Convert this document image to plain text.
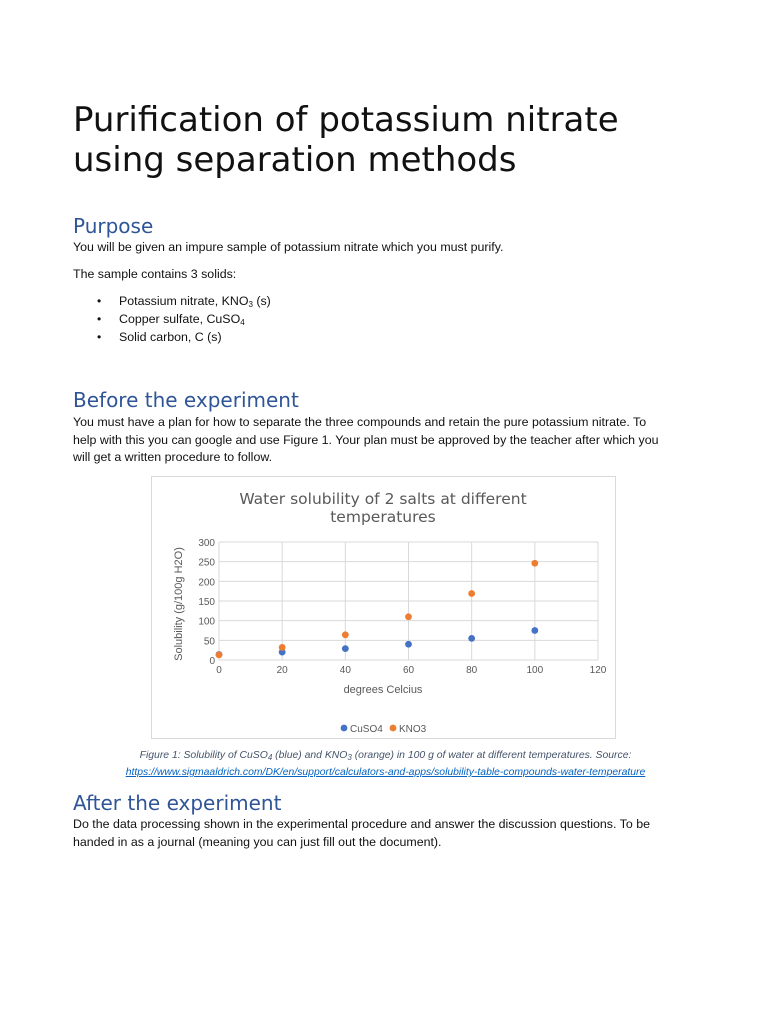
Purification of potassium nitrate
using separation methods
Purpose

You will be given an impure sample of potassium nitrate which you must purify.

The sample contains 3 solids:

• Potassium nitrate, $KNO_3$ (s)
• Copper sulfate, CuSO$_4$
• Solid carbon, C (s)
Before the experiment

You must have a plan for how to separate the three compounds and retain the pure potassium nitrate. To
help with this you can google and use Figure 1. Your plan must be approved by the teacher after which you
will get a written procedure to follow.

Water solubility of 2 salts at different
temperatures
0
50
100
150
200
250
300
0	20	40	60	80	100	120
degrees Celcius
Solubility (g/100g H2O)
CuSO4 KNO3
Figure 1: Solubility of CuSO$_4$ (blue) and $KNO_3$ (orange) in 100 g of water at different temperatures. Source:
https://www.sigmaaldrich.com/DK/en/support/calculators-and-apps/solubility-table-compounds-water-temperature
After the experiment

Do the data processing shown in the experimental procedure and answer the discussion questions. To be
handed in as a journal (meaning you can just fill out the document).
